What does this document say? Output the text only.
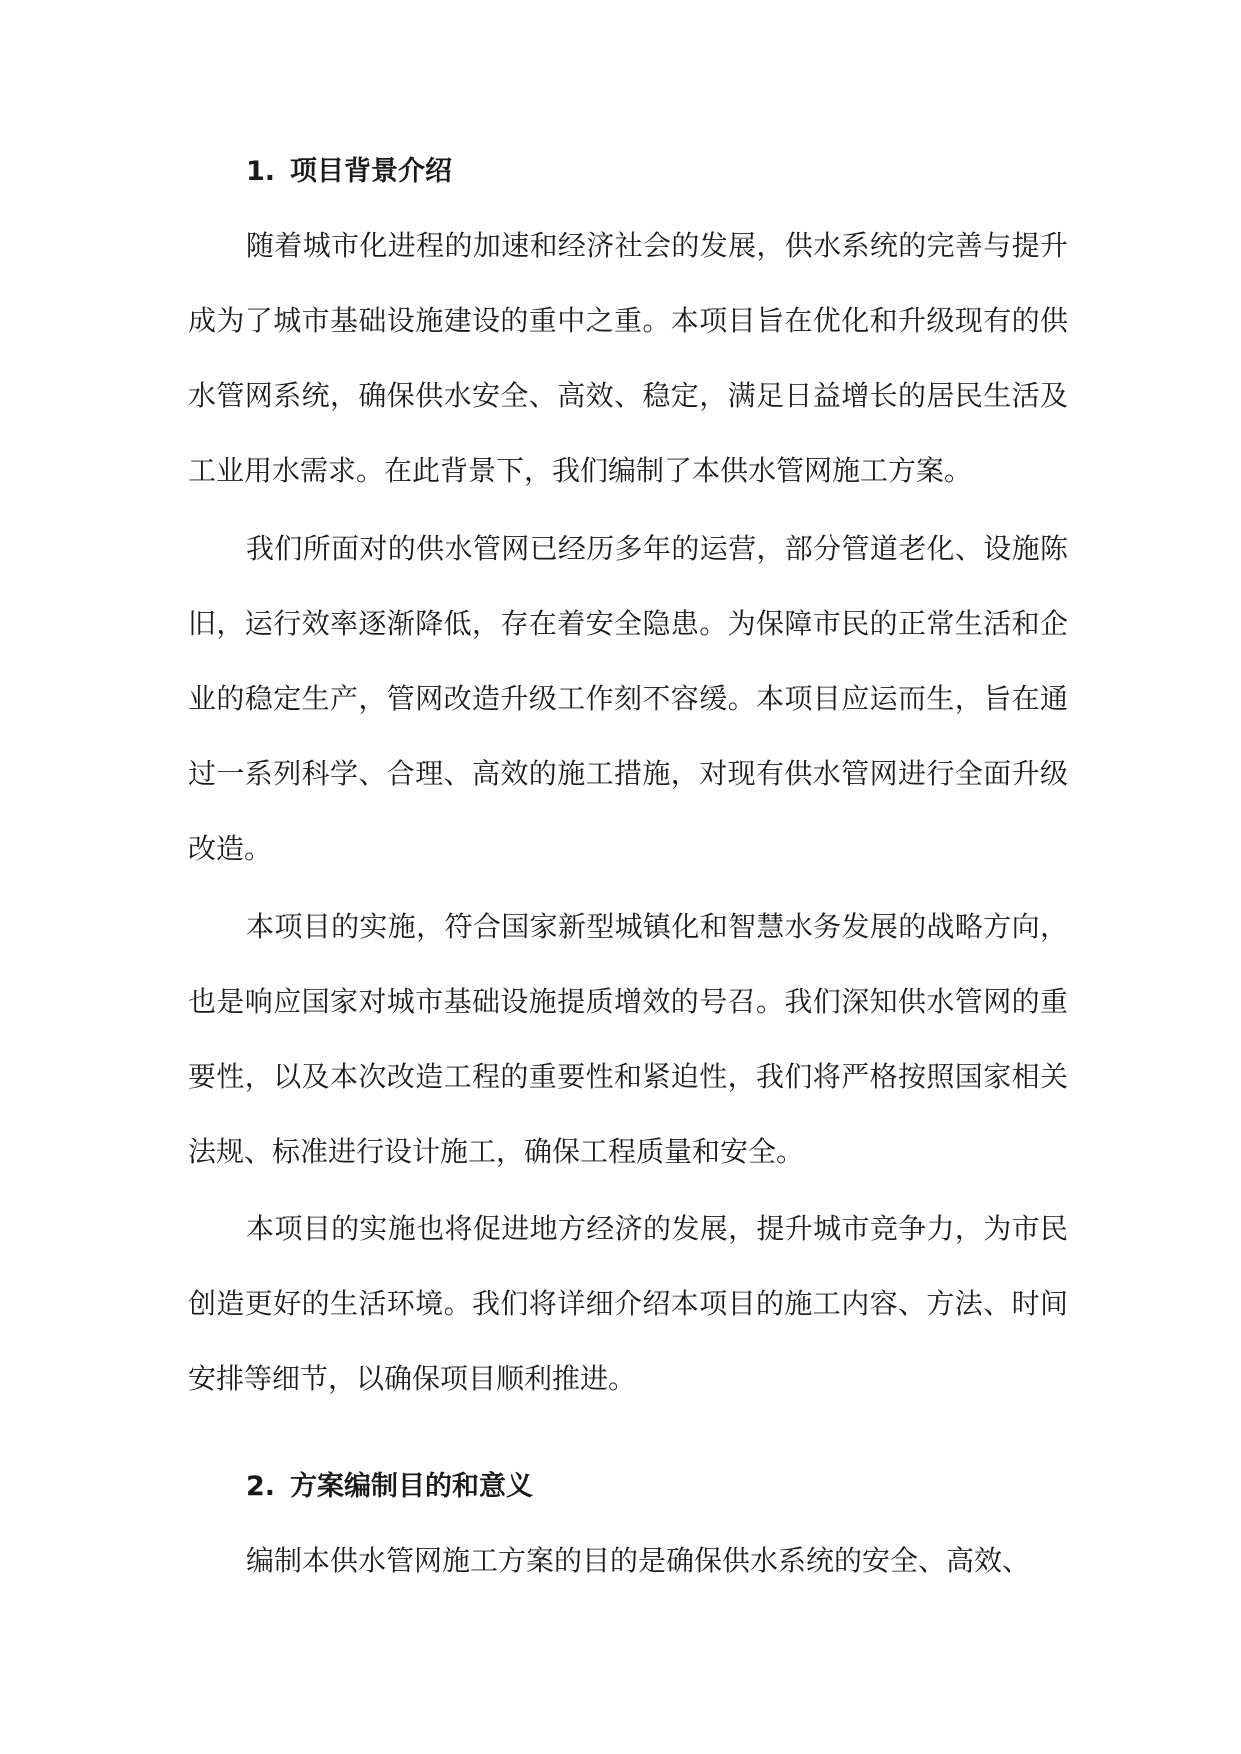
1. 项目背景介绍

随着城市化进程的加速和经济社会的发展，供水系统的完善与提升成为了城市基础设施建设的重中之重。本项目旨在优化和升级现有的供水管网系统，确保供水安全、高效、稳定，满足日益增长的居民生活及工业用水需求。在此背景下，我们编制了本供水管网施工方案。

我们所面对的供水管网已经历多年的运营，部分管道老化、设施陈旧，运行效率逐渐降低，存在着安全隐患。为保障市民的正常生活和企业的稳定生产，管网改造升级工作刻不容缓。本项目应运而生，旨在通过一系列科学、合理、高效的施工措施，对现有供水管网进行全面升级改造。

本项目的实施，符合国家新型城镇化和智慧水务发展的战略方向，也是响应国家对城市基础设施提质增效的号召。我们深知供水管网的重要性，以及本次改造工程的重要性和紧迫性，我们将严格按照国家相关法规、标准进行设计施工，确保工程质量和安全。

本项目的实施也将促进地方经济的发展，提升城市竞争力，为市民创造更好的生活环境。我们将详细介绍本项目的施工内容、方法、时间安排等细节，以确保项目顺利推进。

2. 方案编制目的和意义

编制本供水管网施工方案的目的是确保供水系统的安全、高效、
